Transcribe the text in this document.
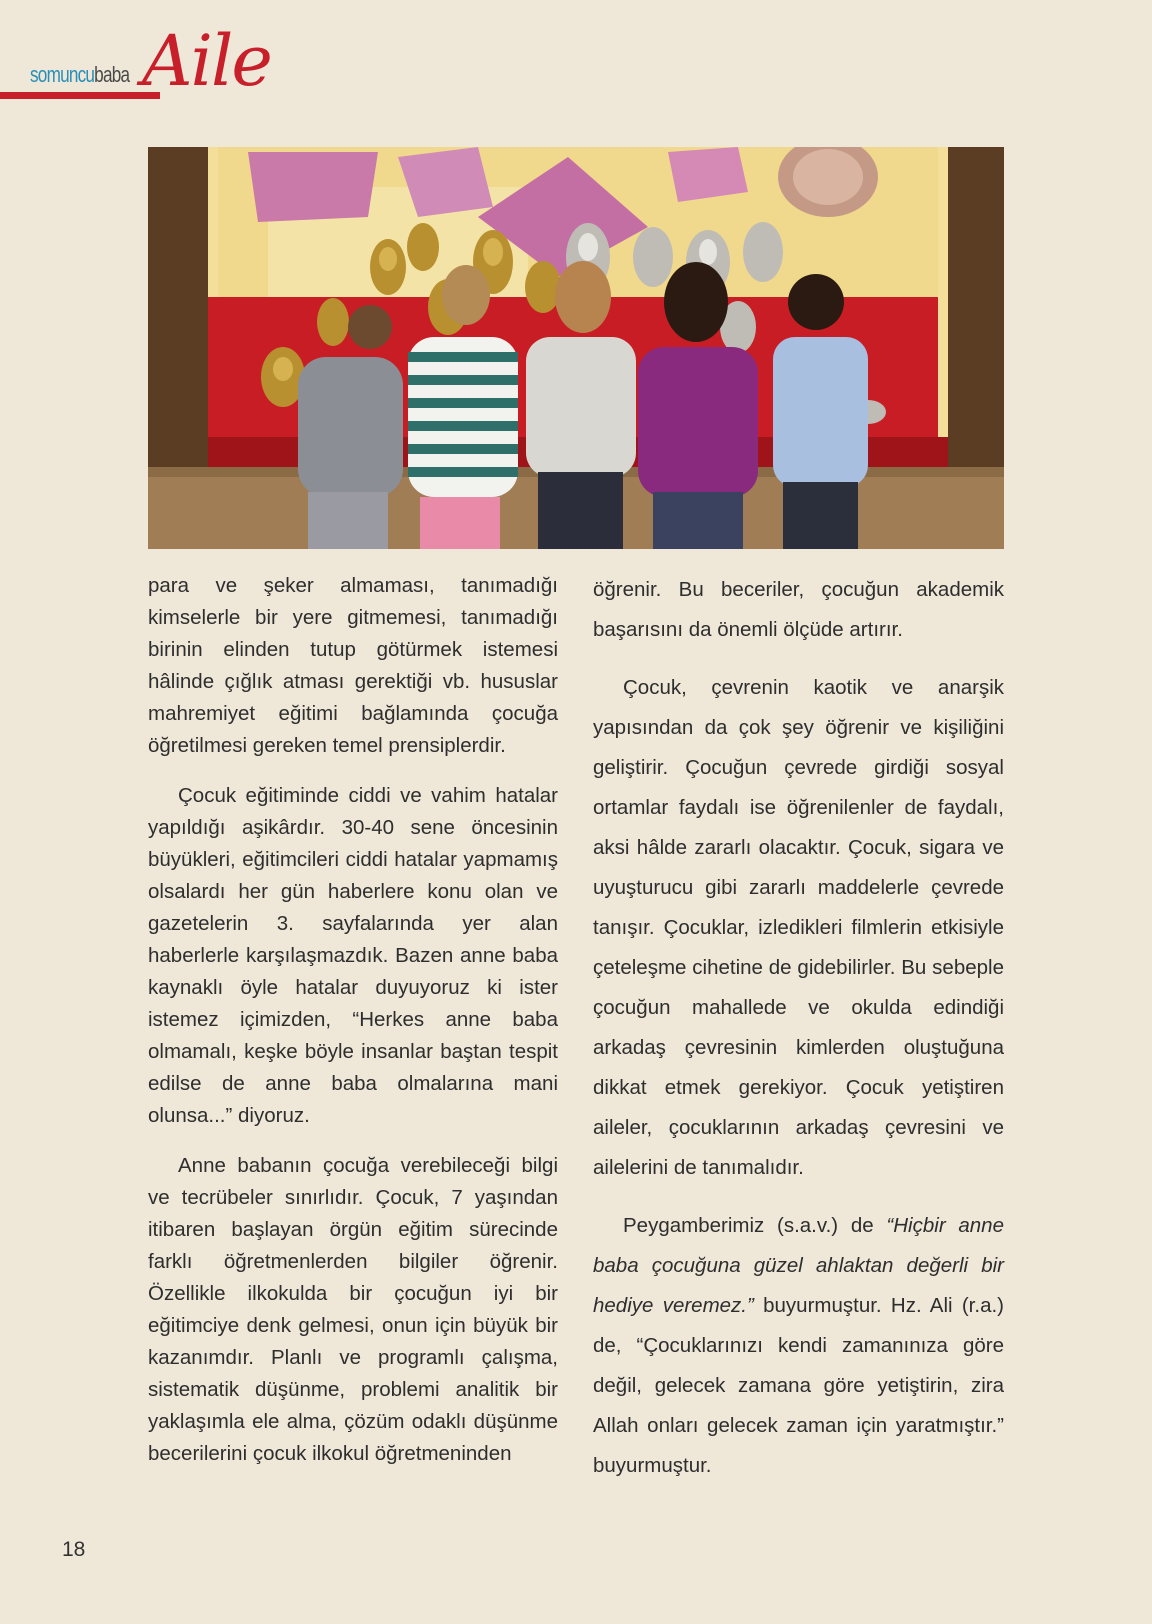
somuncubaba Aile

para ve şeker almaması, tanımadığı kimselerle bir yere gitmemesi, tanımadığı birinin elinden tutup götürmek istemesi hâlinde çığlık atması gerektiği vb. hususlar mahremiyet eğitimi bağlamında çocuğa öğretilmesi gereken temel prensiplerdir.

Çocuk eğitiminde ciddi ve vahim hatalar yapıldığı aşikârdır. 30-40 sene öncesinin büyükleri, eğitimcileri ciddi hatalar yapmamış olsalardı her gün haberlere konu olan ve gazetelerin 3. sayfalarında yer alan haberlerle karşılaşmazdık. Bazen anne baba kaynaklı öyle hatalar duyuyoruz ki ister istemez içimizden, “Herkes anne baba olmamalı, keşke böyle insanlar baştan tespit edilse de anne baba olmalarına mani olunsa...” diyoruz.

Anne babanın çocuğa verebileceği bilgi ve tecrübeler sınırlıdır. Çocuk, 7 yaşından itibaren başlayan örgün eğitim sürecinde farklı öğretmenlerden bilgiler öğrenir. Özellikle ilkokulda bir çocuğun iyi bir eğitimciye denk gelmesi, onun için büyük bir kazanımdır. Planlı ve programlı çalışma, sistematik düşünme, problemi analitik bir yaklaşımla ele alma, çözüm odaklı düşünme becerilerini çocuk ilkokul öğretmeninden

öğrenir. Bu beceriler, çocuğun akademik başarısını da önemli ölçüde artırır.

Çocuk, çevrenin kaotik ve anarşik yapısından da çok şey öğrenir ve kişiliğini geliştirir. Çocuğun çevrede girdiği sosyal ortamlar faydalı ise öğrenilenler de faydalı, aksi hâlde zararlı olacaktır. Çocuk, sigara ve uyuşturucu gibi zararlı maddelerle çevrede tanışır. Çocuklar, izledikleri filmlerin etkisiyle çeteleşme cihetine de gidebilirler. Bu sebeple çocuğun mahallede ve okulda edindiği arkadaş çevresinin kimlerden oluştuğuna dikkat etmek gerekiyor. Çocuk yetiştiren aileler, çocuklarının arkadaş çevresini ve ailelerini de tanımalıdır.

Peygamberimiz (s.a.v.) de “Hiçbir anne baba çocuğuna güzel ahlaktan değerli bir hediye veremez.” buyurmuştur. Hz. Ali (r.a.) de, “Çocuklarınızı kendi zamanınıza göre değil, gelecek zamana göre yetiştirin, zira Allah onları gelecek zaman için yaratmıştır.” buyurmuştur.

18
